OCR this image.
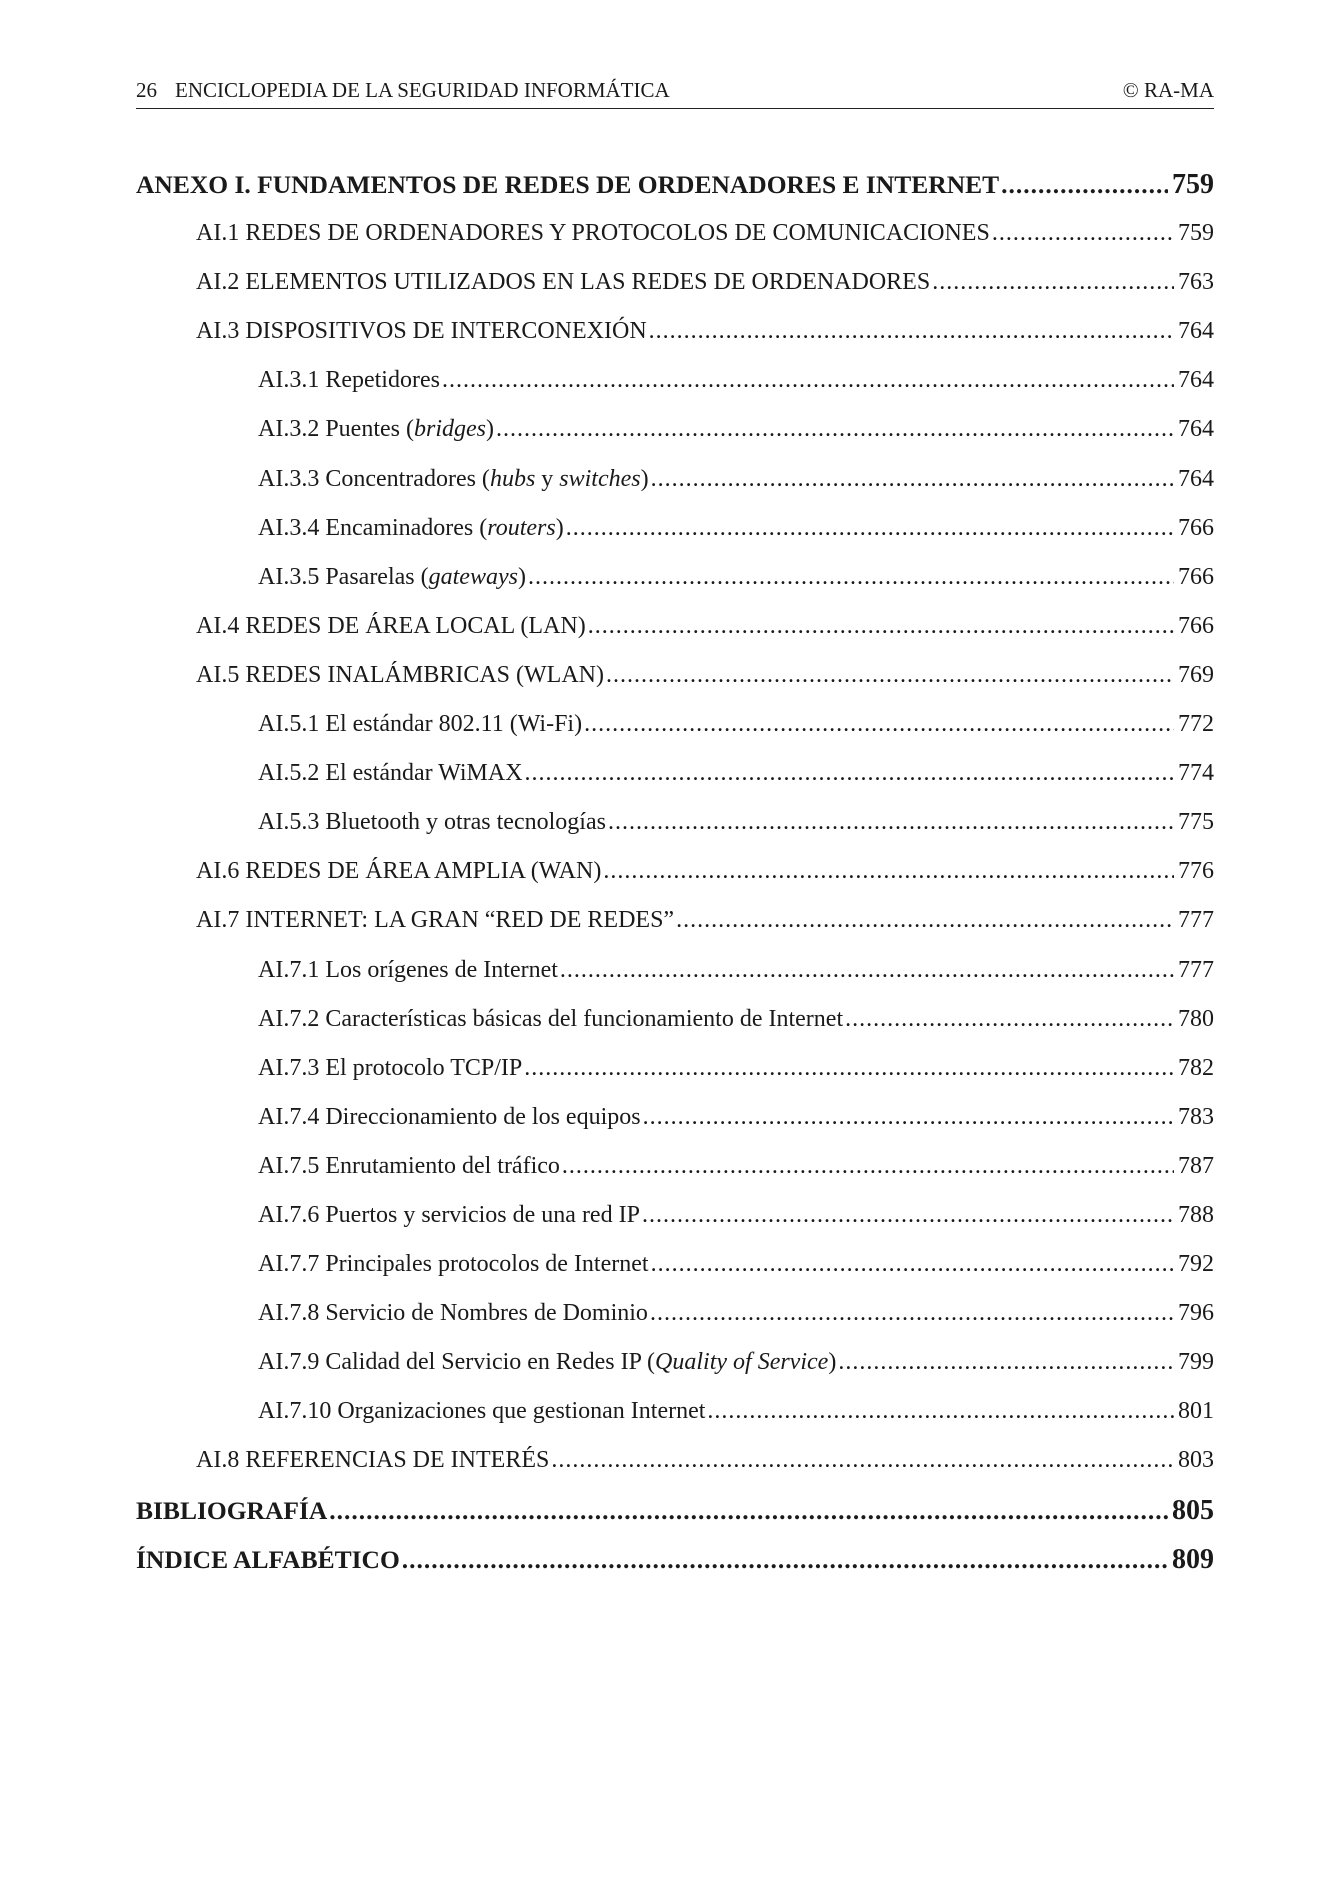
26 ENCICLOPEDIA DE LA SEGURIDAD INFORMÁTICA	© RA-MA
ANEXO I. FUNDAMENTOS DE REDES DE ORDENADORES E INTERNET .....	759
AI.1 REDES DE ORDENADORES Y PROTOCOLOS DE COMUNICACIONES .....	759
AI.2 ELEMENTOS UTILIZADOS EN LAS REDES DE ORDENADORES .....	763
AI.3 DISPOSITIVOS DE INTERCONEXIÓN .....	764
AI.3.1 Repetidores .....	764
AI.3.2 Puentes (bridges) .....	764
AI.3.3 Concentradores (hubs y switches) .....	764
AI.3.4 Encaminadores (routers) .....	766
AI.3.5 Pasarelas (gateways) .....	766
AI.4 REDES DE ÁREA LOCAL (LAN) .....	766
AI.5 REDES INALÁMBRICAS (WLAN) .....	769
AI.5.1 El estándar 802.11 (Wi-Fi) .....	772
AI.5.2 El estándar WiMAX .....	774
AI.5.3 Bluetooth y otras tecnologías .....	775
AI.6 REDES DE ÁREA AMPLIA (WAN) .....	776
AI.7 INTERNET: LA GRAN “RED DE REDES” .....	777
AI.7.1 Los orígenes de Internet .....	777
AI.7.2 Características básicas del funcionamiento de Internet .....	780
AI.7.3 El protocolo TCP/IP .....	782
AI.7.4 Direccionamiento de los equipos .....	783
AI.7.5 Enrutamiento del tráfico .....	787
AI.7.6 Puertos y servicios de una red IP .....	788
AI.7.7 Principales protocolos de Internet .....	792
AI.7.8 Servicio de Nombres de Dominio .....	796
AI.7.9 Calidad del Servicio en Redes IP (Quality of Service) .....	799
AI.7.10 Organizaciones que gestionan Internet .....	801
AI.8 REFERENCIAS DE INTERÉS .....	803
BIBLIOGRAFÍA .....	805
ÍNDICE ALFABÉTICO .....	809
